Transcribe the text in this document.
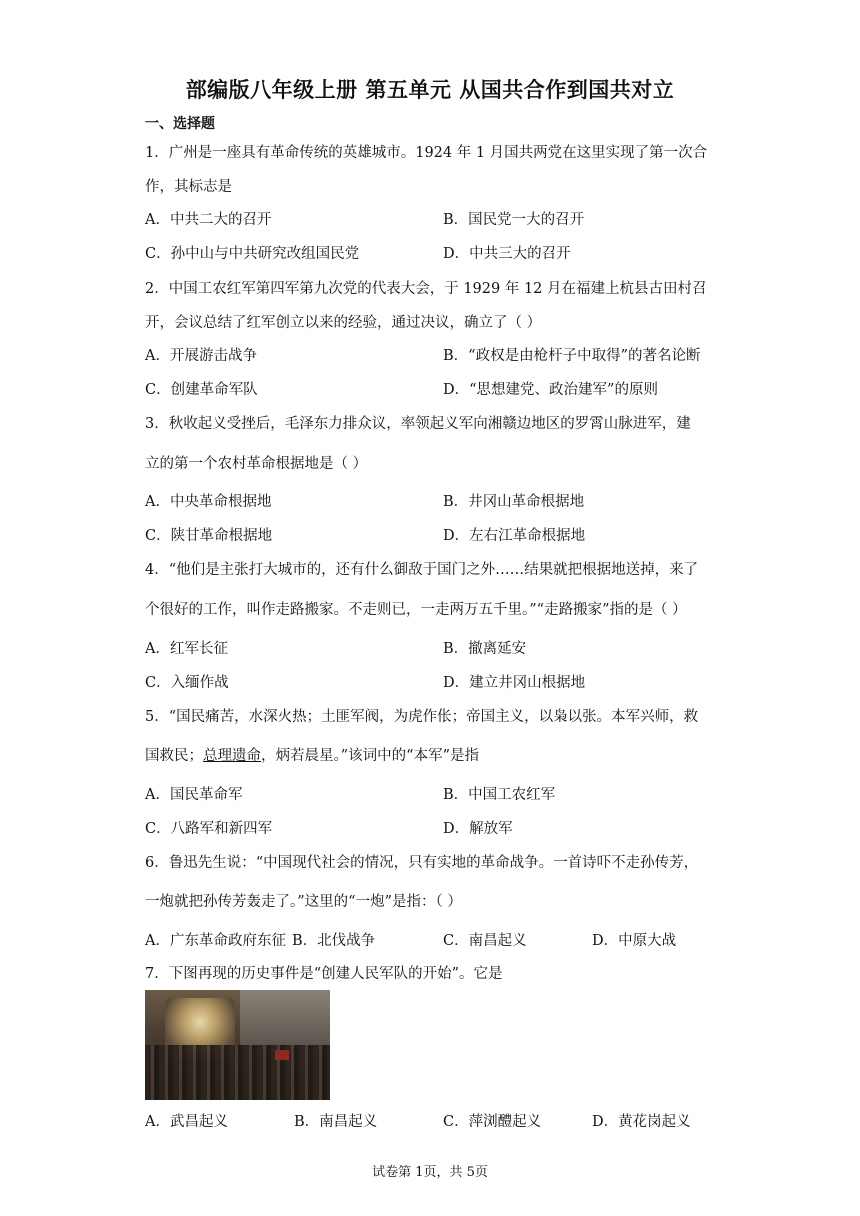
部编版八年级上册 第五单元 从国共合作到国共对立
一、选择题
1．广州是一座具有革命传统的英雄城市。1924 年 1 月国共两党在这里实现了第一次合
作，其标志是
A．中共二大的召开	B．国民党一大的召开
C．孙中山与中共研究改组国民党	D．中共三大的召开
2．中国工农红军第四军第九次党的代表大会，于 1929 年 12 月在福建上杭县古田村召
开，会议总结了红军创立以来的经验，通过决议，确立了（ ）
A．开展游击战争	B．“政权是由枪杆子中取得”的著名论断
C．创建革命军队	D．“思想建党、政治建军”的原则
3．秋收起义受挫后，毛泽东力排众议，率领起义军向湘赣边地区的罗霄山脉进军，建
立的第一个农村革命根据地是（ ）
A．中央革命根据地	B．井冈山革命根据地
C．陕甘革命根据地	D．左右江革命根据地
4．“他们是主张打大城市的，还有什么御敌于国门之外……结果就把根据地送掉，来了
个很好的工作，叫作走路搬家。不走则已，一走两万五千里。”“走路搬家”指的是（ ）
A．红军长征	B．撤离延安
C．入缅作战	D．建立井冈山根据地
5．“国民痛苦，水深火热；土匪军阀，为虎作伥；帝国主义，以枭以张。本军兴师，救
国救民；总理遗命，炳若晨星。”该词中的“本军”是指
A．国民革命军	B．中国工农红军
C．八路军和新四军	D．解放军
6．鲁迅先生说：“中国现代社会的情况，只有实地的革命战争。一首诗吓不走孙传芳，
一炮就把孙传芳轰走了。”这里的“一炮”是指：（ ）
A．广东革命政府东征 B．北伐战争	C．南昌起义	D．中原大战
7．下图再现的历史事件是“创建人民军队的开始”。它是
A．武昌起义	B．南昌起义	C．萍浏醴起义	D．黄花岗起义
试卷第 1页，共 5页
